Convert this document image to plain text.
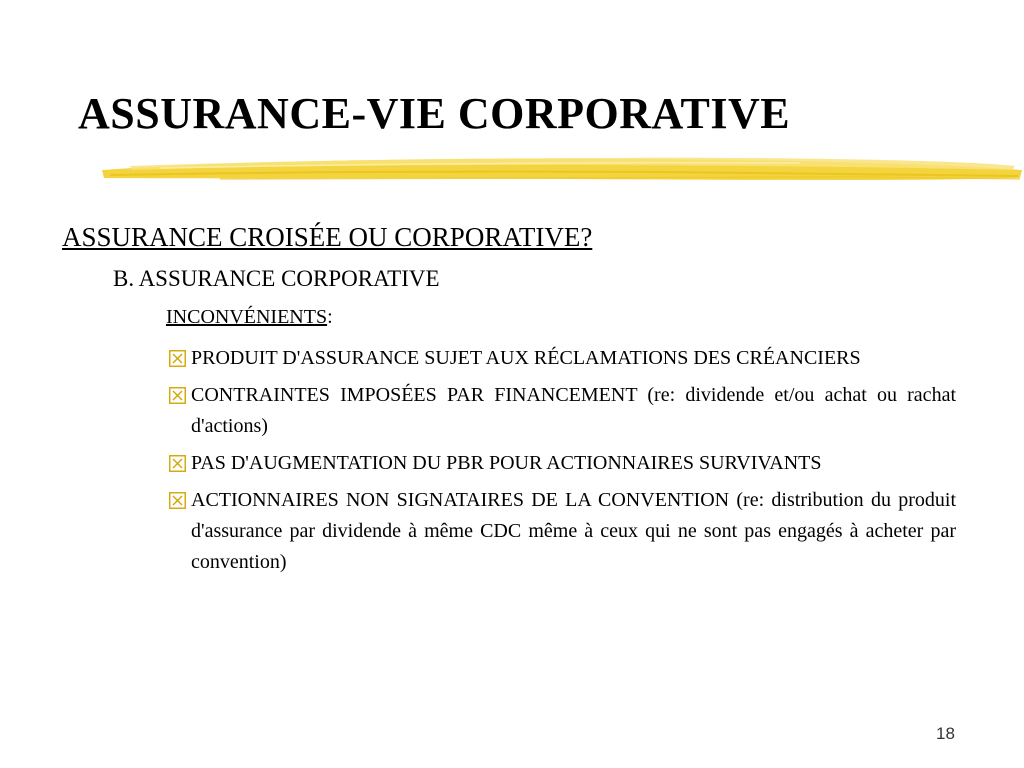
ASSURANCE-VIE CORPORATIVE
ASSURANCE CROISÉE OU CORPORATIVE?
B. ASSURANCE CORPORATIVE
INCONVÉNIENTS:
PRODUIT D'ASSURANCE SUJET AUX RÉCLAMATIONS DES CRÉANCIERS
CONTRAINTES IMPOSÉES PAR FINANCEMENT (re: dividende et/ou achat ou rachat d'actions)
PAS D'AUGMENTATION DU PBR POUR ACTIONNAIRES SURVIVANTS
ACTIONNAIRES NON SIGNATAIRES DE LA CONVENTION (re: distribution du produit d'assurance par dividende à même CDC même à ceux qui ne sont pas engagés à acheter par convention)
18
